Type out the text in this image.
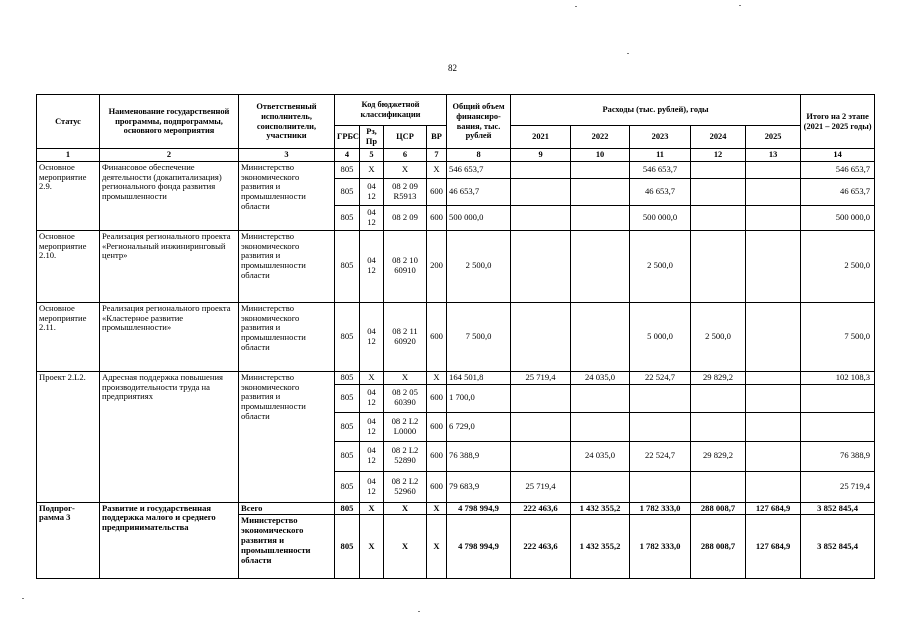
82
Статус	Наименование государственной программы, подпрограммы, основного мероприятия	Ответственный исполнитель, соисполнители, участники	Код бюджетной классификации				Общий объем финансиро-вания, тыс. рублей	Расходы (тыс. рублей), годы					Итого на 2 этапе (2021 – 2025 годы)
			ГРБС	Рз, Пр	ЦСР	ВР		2021	2022	2023	2024	2025	
1	2	3	4	5	6	7	8	9	10	11	12	13	14
Основное мероприятие 2.9.	Финансовое обеспечение деятельности (докапитализация) регионального фонда развития промышленности	Министерство экономического развития и промышленности области	805	Х	Х	Х	546 653,7			546 653,7			546 653,7
			805	04 12	08 2 09 R5913	600	46 653,7			46 653,7			46 653,7
			805	04 12	08 2 09	600	500 000,0			500 000,0			500 000,0
Основное мероприятие 2.10.	Реализация регионального проекта «Региональный инжиниринговый центр»	Министерство экономического развития и промышленности области	805	04 12	08 2 10 60910	200	2 500,0			2 500,0			2 500,0
Основное мероприятие 2.11.	Реализация регионального проекта «Кластерное развитие промышленности»	Министерство экономического развития и промышленности области	805	04 12	08 2 11 60920	600	7 500,0			5 000,0	2 500,0		7 500,0
Проект 2.L2.	Адресная поддержка повышения производительности труда на предприятиях	Министерство экономического развития и промышленности области	805	Х	Х	Х	164 501,8	25 719,4	24 035,0	22 524,7	29 829,2		102 108,3
			805	04 12	08 2 05 60390	600	1 700,0						
			805	04 12	08 2 L2 L0000	600	6 729,0						
			805	04 12	08 2 L2 52890	600	76 388,9		24 035,0	22 524,7	29 829,2		76 388,9
			805	04 12	08 2 L2 52960	600	79 683,9	25 719,4					25 719,4
Подпрог-рамма 3	Развитие и государственная поддержка малого и среднего предпринимательства	Всего	805	Х	Х	Х	4 798 994,9	222 463,6	1 432 355,2	1 782 333,0	288 008,7	127 684,9	3 852 845,4
		Министерство экономического развития и промышленности области	805	Х	Х	Х	4 798 994,9	222 463,6	1 432 355,2	1 782 333,0	288 008,7	127 684,9	3 852 845,4
